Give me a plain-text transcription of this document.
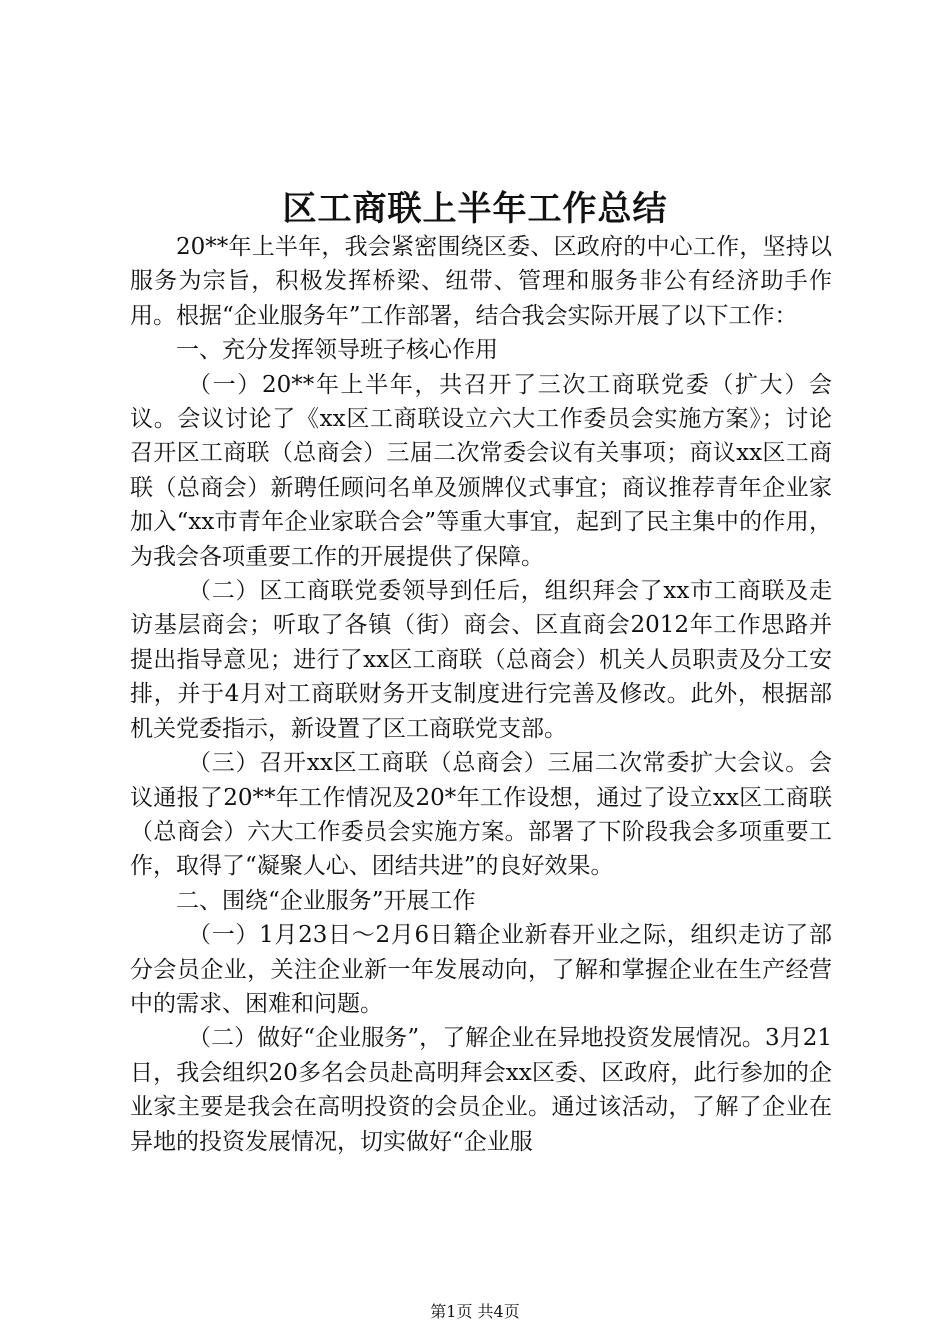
区工商联上半年工作总结

20**年上半年，我会紧密围绕区委、区政府的中心工作，坚持以服务为宗旨，积极发挥桥梁、纽带、管理和服务非公有经济助手作用。根据“企业服务年”工作部署，结合我会实际开展了以下工作：

一、充分发挥领导班子核心作用

（一）20**年上半年，共召开了三次工商联党委（扩大）会议。会议讨论了《xx区工商联设立六大工作委员会实施方案》；讨论召开区工商联（总商会）三届二次常委会议有关事项；商议xx区工商联（总商会）新聘任顾问名单及颁牌仪式事宜；商议推荐青年企业家加入“xx市青年企业家联合会”等重大事宜，起到了民主集中的作用，为我会各项重要工作的开展提供了保障。

（二）区工商联党委领导到任后，组织拜会了xx市工商联及走访基层商会；听取了各镇（街）商会、区直商会2012年工作思路并提出指导意见；进行了xx区工商联（总商会）机关人员职责及分工安排，并于4月对工商联财务开支制度进行完善及修改。此外，根据部机关党委指示，新设置了区工商联党支部。

（三）召开xx区工商联（总商会）三届二次常委扩大会议。会议通报了20**年工作情况及20*年工作设想，通过了设立xx区工商联（总商会）六大工作委员会实施方案。部署了下阶段我会多项重要工作，取得了“凝聚人心、团结共进”的良好效果。

二、围绕“企业服务”开展工作

（一）1月23日～2月6日籍企业新春开业之际，组织走访了部分会员企业，关注企业新一年发展动向，了解和掌握企业在生产经营中的需求、困难和问题。

（二）做好“企业服务”，了解企业在异地投资发展情况。3月21日，我会组织20多名会员赴高明拜会xx区委、区政府，此行参加的企业家主要是我会在高明投资的会员企业。通过该活动，了解了企业在异地的投资发展情况，切实做好“企业服

第1页 共4页
